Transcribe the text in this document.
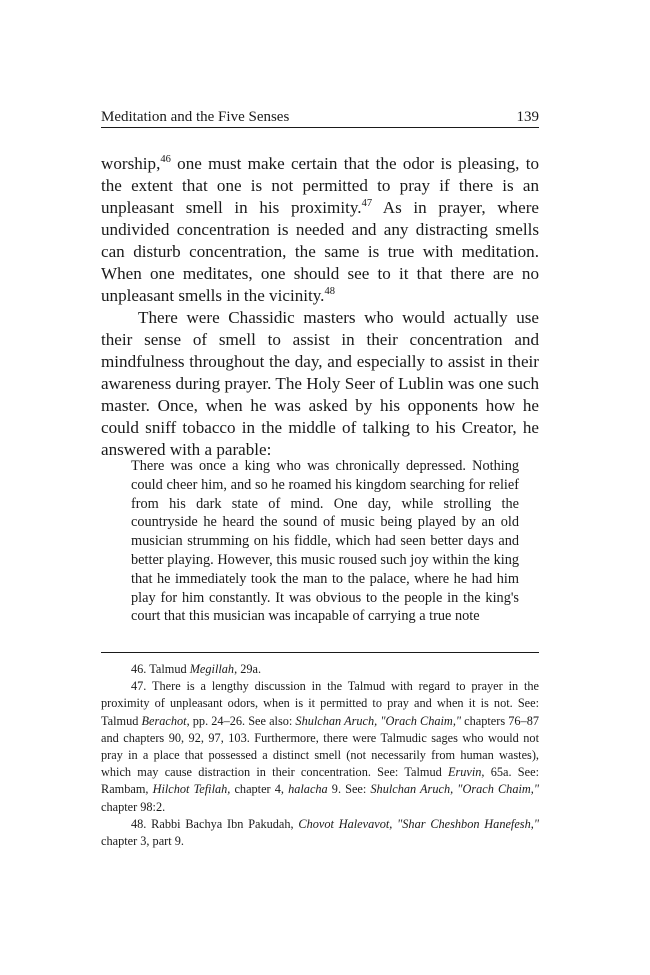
Meditation and the Five Senses	139

worship,$^{46}$ one must make certain that the odor is pleasing, to the extent that one is not permitted to pray if there is an unpleasant smell in his proximity.$^{47}$ As in prayer, where undivided concentration is needed and any distracting smells can disturb concentration, the same is true with meditation. When one meditates, one should see to it that there are no unpleasant smells in the vicinity.$^{48}$

There were Chassidic masters who would actually use their sense of smell to assist in their concentration and mindfulness throughout the day, and especially to assist in their awareness during prayer. The Holy Seer of Lublin was one such master. Once, when he was asked by his opponents how he could sniff tobacco in the middle of talking to his Creator, he answered with a parable:

There was once a king who was chronically depressed. Nothing could cheer him, and so he roamed his kingdom searching for relief from his dark state of mind. One day, while strolling the countryside he heard the sound of music being played by an old musician strumming on his fiddle, which had seen better days and better playing. However, this music roused such joy within the king that he immediately took the man to the palace, where he had him play for him constantly. It was obvious to the people in the king's court that this musician was incapable of carrying a true note

46. Talmud Megillah, 29a.

47. There is a lengthy discussion in the Talmud with regard to prayer in the proximity of unpleasant odors, when is it permitted to pray and when it is not. See: Talmud Berachot, pp. 24–26. See also: Shulchan Aruch, "Orach Chaim," chapters 76–87 and chapters 90, 92, 97, 103. Furthermore, there were Talmudic sages who would not pray in a place that possessed a distinct smell (not necessarily from human wastes), which may cause distraction in their concentration. See: Talmud Eruvin, 65a. See: Rambam, Hilchot Tefilah, chapter 4, halacha 9. See: Shulchan Aruch, "Orach Chaim," chapter 98:2.

48. Rabbi Bachya Ibn Pakudah, Chovot Halevavot, "Shar Cheshbon Hanefesh," chapter 3, part 9.
